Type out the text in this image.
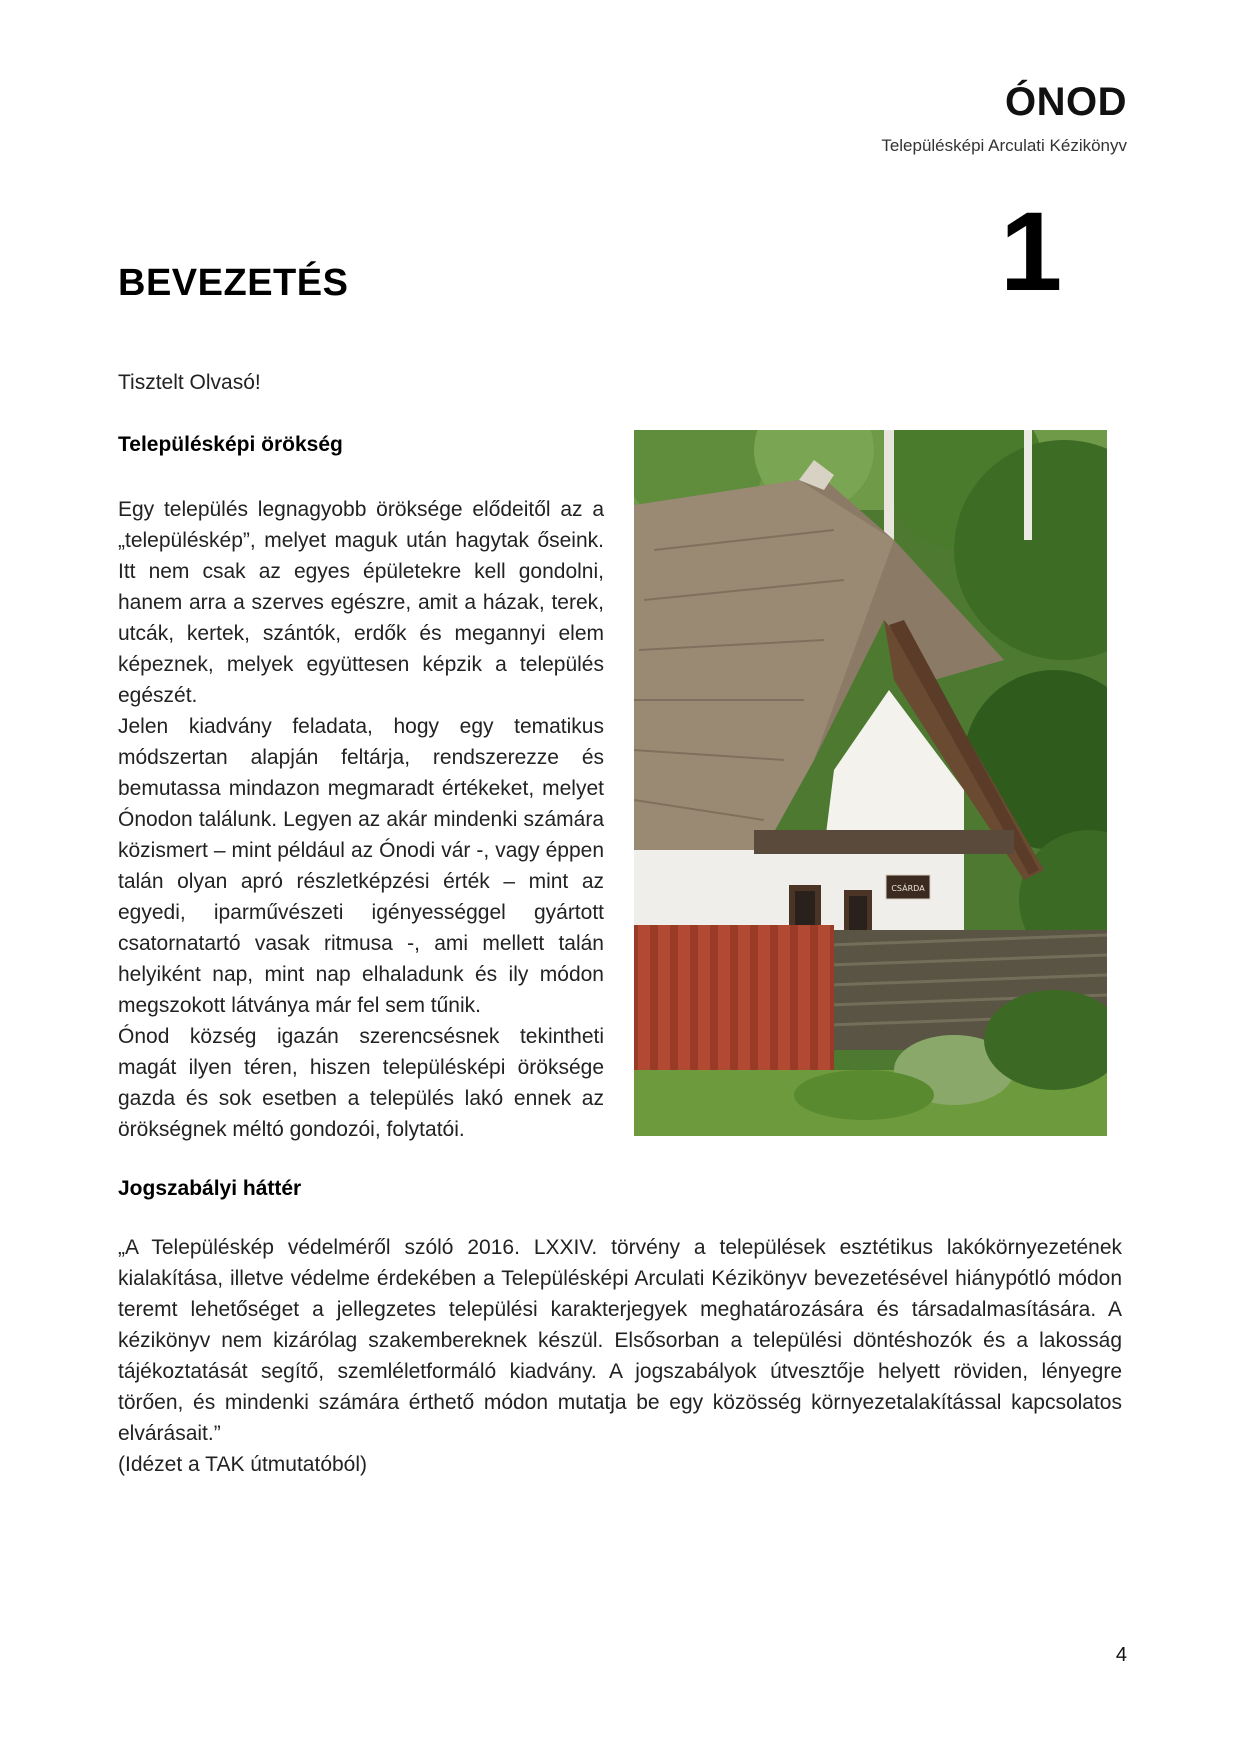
ÓNOD
Településképi Arculati Kézikönyv
1
BEVEZETÉS
Tisztelt Olvasó!
Településképi örökség

Egy település legnagyobb öröksége elődeitől az a „településkép”, melyet maguk után hagytak őseink. Itt nem csak az egyes épületekre kell gondolni, hanem arra a szerves egészre, amit a házak, terek, utcák, kertek, szántók, erdők és megannyi elem képeznek, melyek együttesen képzik a település egészét.

Jelen kiadvány feladata, hogy egy tematikus módszertan alapján feltárja, rendszerezze és bemutassa mindazon megmaradt értékeket, melyet Ónodon találunk. Legyen az akár mindenki számára közismert – mint például az Ónodi vár -, vagy éppen talán olyan apró részletképzési érték – mint az egyedi, iparművészeti igényességgel gyártott csatornatartó vasak ritmusa -, ami mellett talán helyiként nap, mint nap elhaladunk és ily módon megszokott látványa már fel sem tűnik.

Ónod község igazán szerencsésnek tekintheti magát ilyen téren, hiszen településképi öröksége gazda és sok esetben a település lakó ennek az örökségnek méltó gondozói, folytatói.

CSÁRDA
Jogszabályi háttér

„A Településkép védelméről szóló 2016. LXXIV. törvény a települések esztétikus lakókörnyezetének kialakítása, illetve védelme érdekében a Településképi Arculati Kézikönyv bevezetésével hiánypótló módon teremt lehetőséget a jellegzetes települési karakterjegyek meghatározására és társadalmasítására. A kézikönyv nem kizárólag szakembereknek készül. Elsősorban a települési döntéshozók és a lakosság tájékoztatását segítő, szemléletformáló kiadvány. A jogszabályok útvesztője helyett röviden, lényegre törően, és mindenki számára érthető módon mutatja be egy közösség környezetalakítással kapcsolatos elvárásait.”

(Idézet a TAK útmutatóból)

4
